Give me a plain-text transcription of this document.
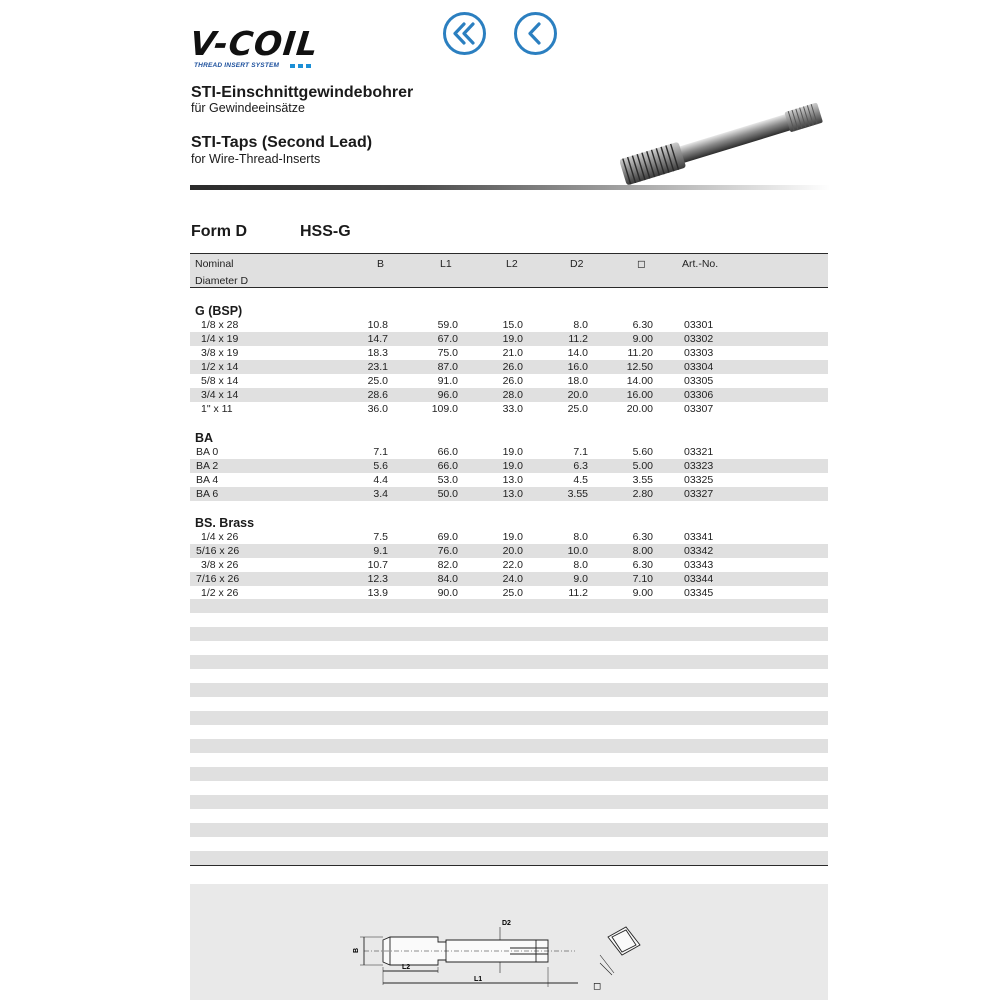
V-COIL
THREAD INSERT SYSTEM
STI-Einschnittgewindebohrer
für Gewindeeinsätze
STI-Taps (Second Lead)
for Wire-Thread-Inserts
Form D	HSS-G
Nominal
Diameter D
B	L1	L2	D2	◻	Art.-No.
G (BSP)
1/8 x 28	10.8	59.0	15.0	8.0	6.30	03301
1/4 x 19	14.7	67.0	19.0	11.2	9.00	03302
3/8 x 19	18.3	75.0	21.0	14.0	11.20	03303
1/2 x 14	23.1	87.0	26.0	16.0	12.50	03304
5/8 x 14	25.0	91.0	26.0	18.0	14.00	03305
3/4 x 14	28.6	96.0	28.0	20.0	16.00	03306
1" x 11	36.0	109.0	33.0	25.0	20.00	03307
BA
BA 0	7.1	66.0	19.0	7.1	5.60	03321
BA 2	5.6	66.0	19.0	6.3	5.00	03323
BA 4	4.4	53.0	13.0	4.5	3.55	03325
BA 6	3.4	50.0	13.0	3.55	2.80	03327
BS. Brass
1/4 x 26	7.5	69.0	19.0	8.0	6.30	03341
5/16 x 26	9.1	76.0	20.0	10.0	8.00	03342
3/8 x 26	10.7	82.0	22.0	8.0	6.30	03343
7/16 x 26	12.3	84.0	24.0	9.0	7.10	03344
1/2 x 26	13.9	90.0	25.0	11.2	9.00	03345
B
D2
L2
L1
◻
